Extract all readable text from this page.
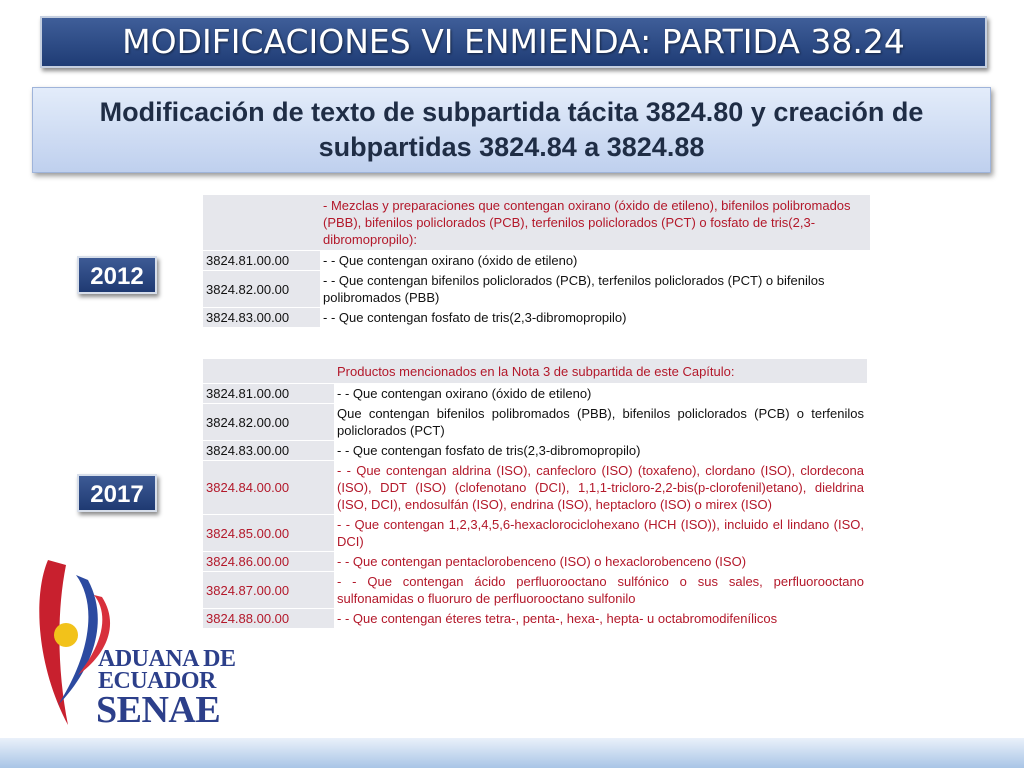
MODIFICACIONES VI ENMIENDA: PARTIDA 38.24
Modificación de texto de subpartida tácita 3824.80 y creación de
subpartidas 3824.84 a 3824.88
2012
2017
	- Mezclas y preparaciones que contengan oxirano (óxido de etileno), bifenilos polibromados (PBB), bifenilos policlorados (PCB), terfenilos policlorados (PCT) o fosfato de tris(2,3-dibromopropilo):
3824.81.00.00	- - Que contengan oxirano (óxido de etileno)
3824.82.00.00	- - Que contengan bifenilos policlorados (PCB), terfenilos policlorados (PCT) o bifenilos polibromados (PBB)
3824.83.00.00	- - Que contengan fosfato de tris(2,3-dibromopropilo)
	Productos mencionados en la Nota 3 de subpartida de este Capítulo:
3824.81.00.00	- - Que contengan oxirano (óxido de etileno)
3824.82.00.00	Que contengan bifenilos polibromados (PBB), bifenilos policlorados (PCB) o terfenilos policlorados (PCT)
3824.83.00.00	- - Que contengan fosfato de tris(2,3-dibromopropilo)
3824.84.00.00	- - Que contengan aldrina (ISO), canfecloro (ISO) (toxafeno), clordano (ISO), clordecona (ISO), DDT (ISO) (clofenotano (DCI), 1,1,1-tricloro-2,2-bis(p-clorofenil)etano), dieldrina (ISO, DCI), endosulfán (ISO), endrina (ISO), heptacloro (ISO) o mirex (ISO)
3824.85.00.00	- - Que contengan 1,2,3,4,5,6-hexaclorociclohexano (HCH (ISO)), incluido el lindano (ISO, DCI)
3824.86.00.00	- - Que contengan pentaclorobenceno (ISO) o hexaclorobenceno (ISO)
3824.87.00.00	- - Que contengan ácido perfluorooctano sulfónico o sus sales, perfluorooctano sulfonamidas o fluoruro de perfluorooctano sulfonilo
3824.88.00.00	- - Que contengan éteres tetra-, penta-, hexa-, hepta- u octabromodifenílicos
ADUANA DE
ECUADOR
SENAE
